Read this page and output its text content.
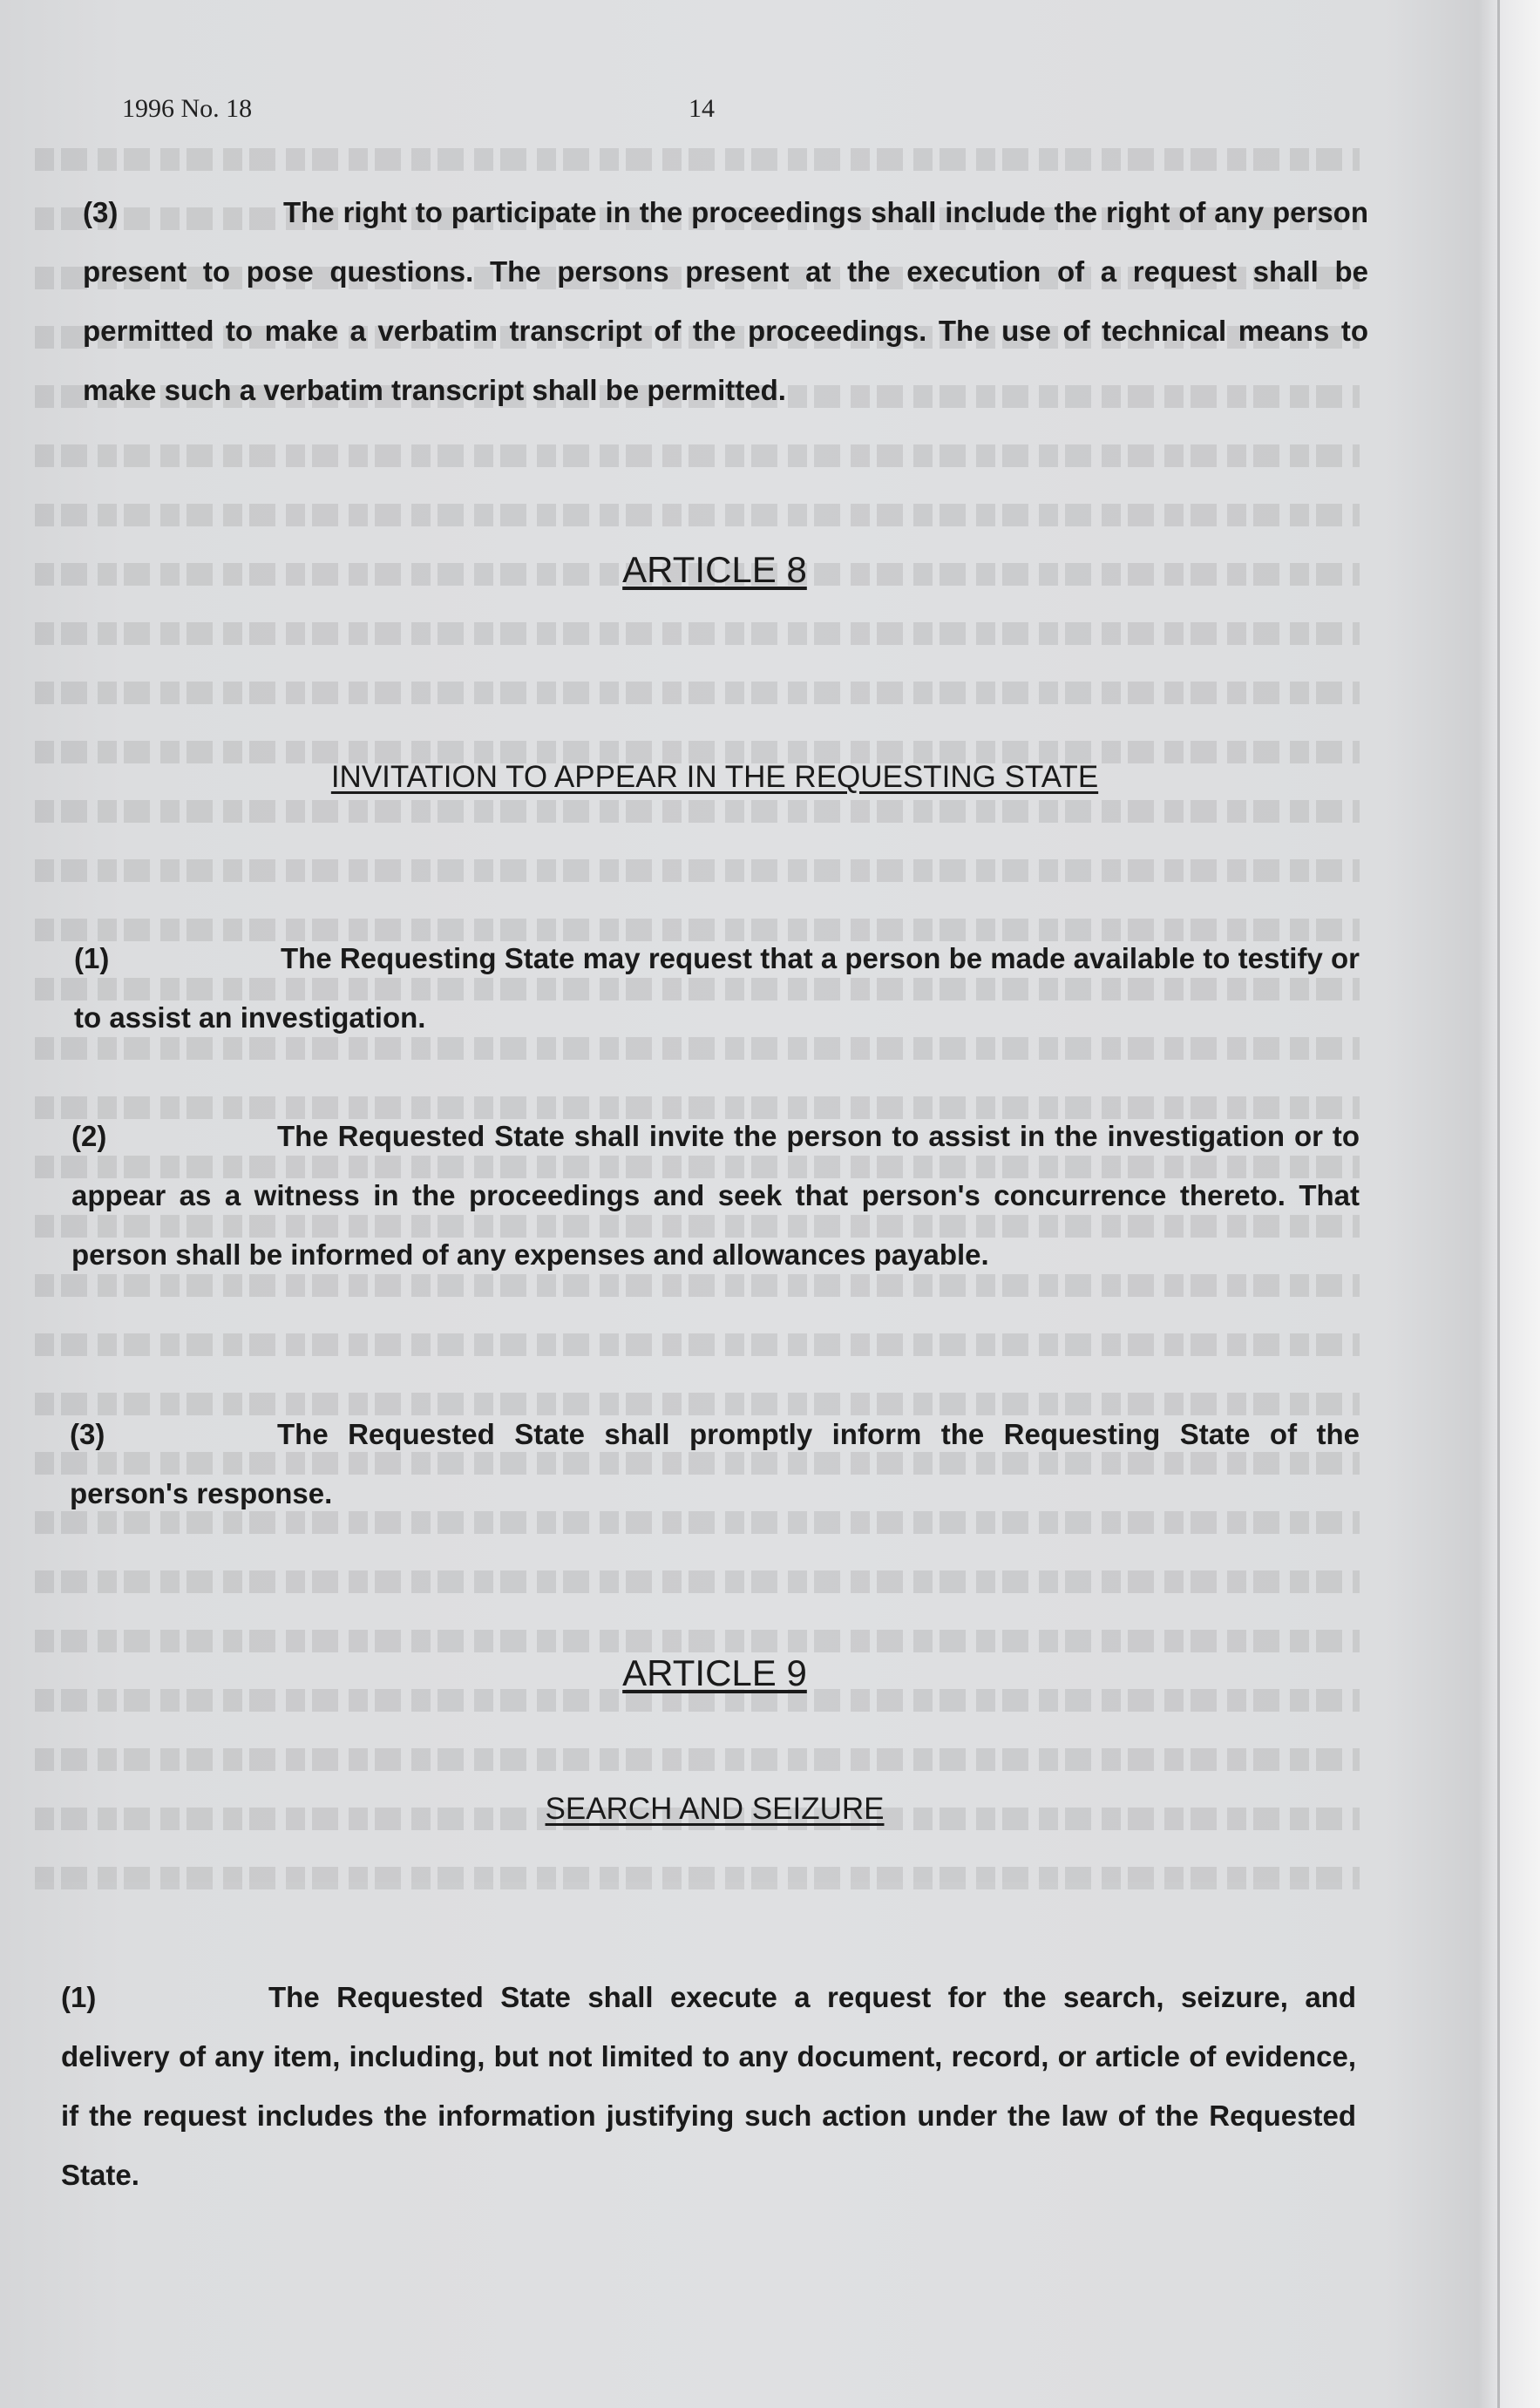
1996 No. 18	14
(3)	The right to participate in the proceedings shall include the right of any person present to pose questions. The persons present at the execution of a request shall be permitted to make a verbatim transcript of the proceedings. The use of technical means to make such a verbatim transcript shall be permitted.
ARTICLE 8
INVITATION TO APPEAR IN THE REQUESTING STATE
(1)	The Requesting State may request that a person be made available to testify or to assist an investigation.
(2)	The Requested State shall invite the person to assist in the investigation or to appear as a witness in the proceedings and seek that person's concurrence thereto. That person shall be informed of any expenses and allowances payable.
(3)	The Requested State shall promptly inform the Requesting State of the person's response.
ARTICLE 9
SEARCH AND SEIZURE
(1)	The Requested State shall execute a request for the search, seizure, and delivery of any item, including, but not limited to any document, record, or article of evidence, if the request includes the information justifying such action under the law of the Requested State.
